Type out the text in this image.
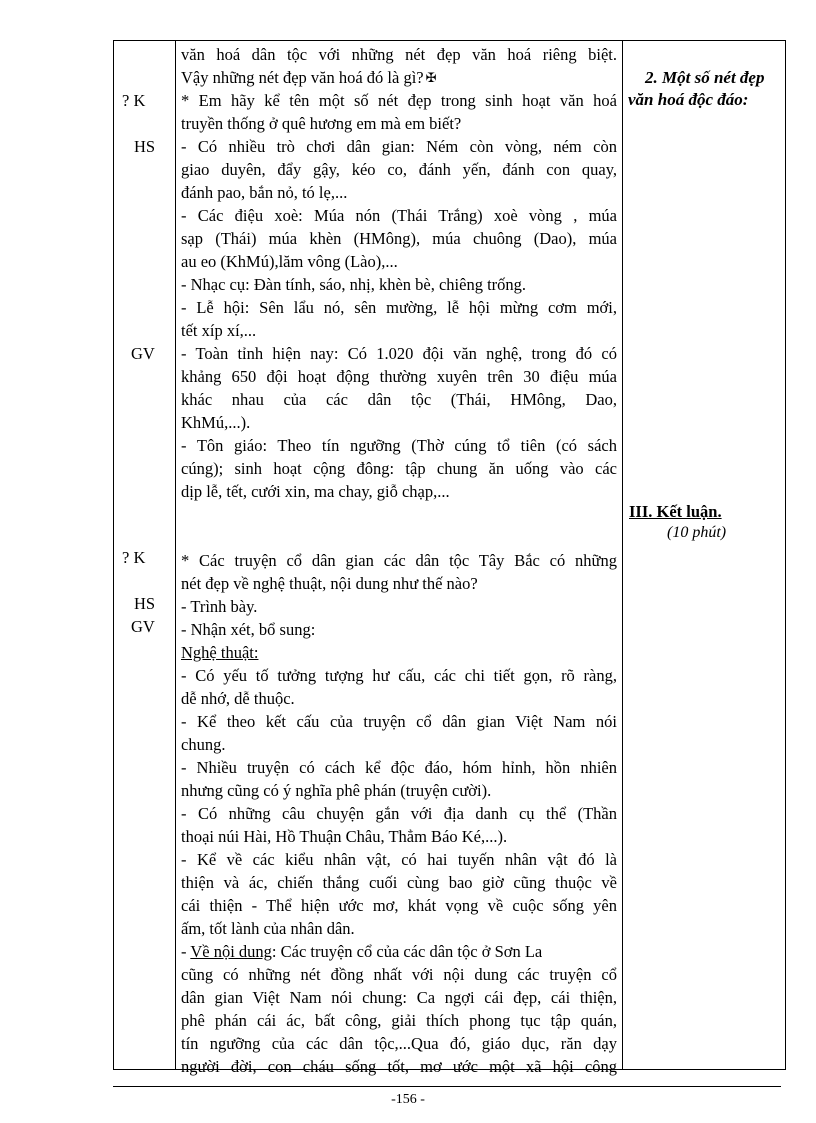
? K
HS
GV
? K
HS
GV
văn hoá dân tộc với những nét đẹp văn hoá riêng biệt.
Vậy những nét đẹp văn hoá đó là gì? ✠
* Em hãy kể tên một số nét đẹp trong sinh hoạt văn hoá
truyền thống ở quê hương em mà em biết?
- Có nhiều trò chơi dân gian: Ném còn vòng, ném còn
giao duyên, đẩy gậy, kéo co, đánh yến, đánh con quay,
đánh pao, bắn nỏ, tó lẹ,...
- Các điệu xoè: Múa nón (Thái Trắng) xoè vòng , múa
sạp (Thái) múa khèn (HMông), múa chuông (Dao), múa
au eo (KhMú),lăm vông (Lào),...
- Nhạc cụ: Đàn tính, sáo, nhị, khèn bè, chiêng trống.
- Lễ hội: Sên lẩu nó, sên mường, lễ hội mừng cơm mới,
tết xíp xí,...
- Toàn tỉnh hiện nay: Có 1.020 đội văn nghệ, trong đó có
khảng 650 đội hoạt động thường xuyên trên 30 điệu múa
khác nhau của các dân tộc (Thái, HMông, Dao,
KhMú,...).
- Tôn giáo: Theo tín ngưỡng (Thờ cúng tổ tiên (có sách
cúng); sinh hoạt cộng đông: tập chung ăn uống vào các
dịp lễ, tết, cưới xin, ma chay, giỗ chạp,...
* Các truyện cổ dân gian các dân tộc Tây Bắc có những
nét đẹp về nghệ thuật, nội dung như thế nào?
- Trình bày.
- Nhận xét, bổ sung:
Nghệ thuật:
- Có yếu tố tưởng tượng hư cấu, các chi tiết gọn, rõ ràng,
dễ nhớ, dễ thuộc.
- Kể theo kết cấu của truyện cổ dân gian Việt Nam nói
chung.
- Nhiều truyện có cách kể độc đáo, hóm hỉnh, hồn nhiên
nhưng cũng có ý nghĩa phê phán (truyện cười).
- Có những câu chuyện gắn với địa danh cụ thể (Thần
thoại núi Hài, Hồ Thuận Châu, Thẳm Báo Ké,...).
- Kể về các kiểu nhân vật, có hai tuyến nhân vật đó là
thiện và ác, chiến thắng cuối cùng bao giờ cũng thuộc về
cái thiện - Thể hiện ước mơ, khát vọng về cuộc sống yên
ấm, tốt lành của nhân dân.
- Về nội dung: Các truyện cổ của các dân tộc ở Sơn La
cũng có những nét đồng nhất với nội dung các truyện cổ
dân gian Việt Nam nói chung: Ca ngợi cái đẹp, cái thiện,
phê phán cái ác, bất công, giải thích phong tục tập quán,
tín ngưỡng của các dân tộc,...Qua đó, giáo dục, răn dạy
người đời, con cháu sống tốt, mơ ước một xã hội công
2. Một số nét đẹp
văn hoá độc đáo:
III. Kết luận.
(10 phút)
-156 -
